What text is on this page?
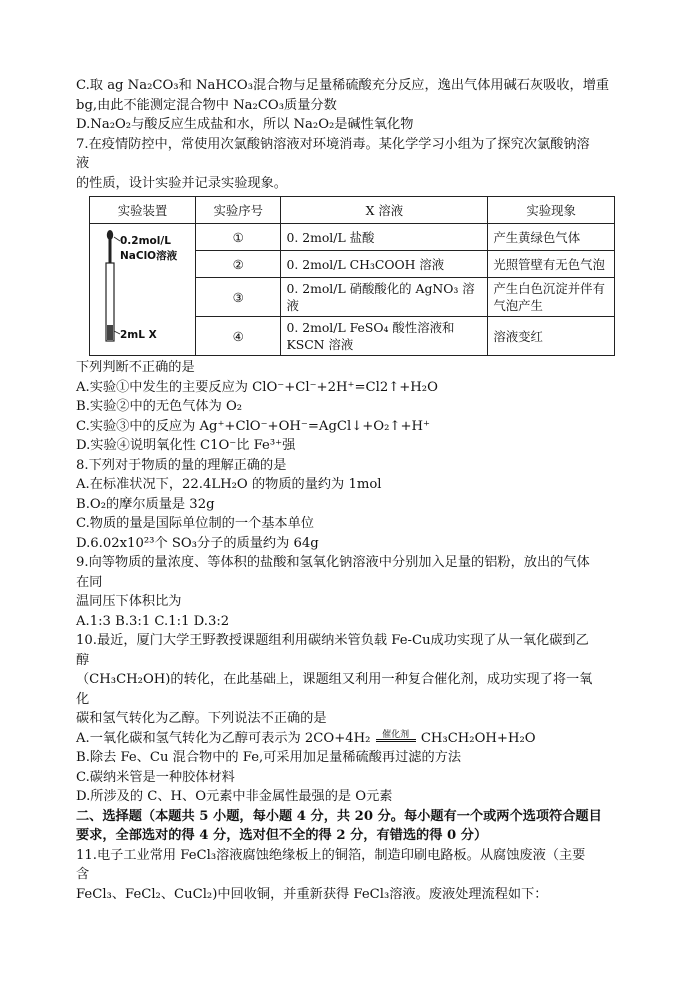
C.取 ag Na₂CO₃和 NaHCO₃混合物与足量稀硫酸充分反应，逸出气体用碱石灰吸收，增重
bg,由此不能测定混合物中 Na₂CO₃质量分数
D.Na₂O₂与酸反应生成盐和水，所以 Na₂O₂是碱性氧化物
7.在疫情防控中，常使用次氯酸钠溶液对环境消毒。某化学学习小组为了探究次氯酸钠溶
液
的性质，设计实验并记录实验现象。
实验装置	实验序号	X 溶液	实验现象

0.2mol/L
NaClO溶液
2mL X	①	0. 2mol/L 盐酸	产生黄绿色气体
	②	0. 2mol/L CH₃COOH 溶液	光照管壁有无色气泡
	③	0. 2mol/L 硝酸酸化的 AgNO₃ 溶液	产生白色沉淀并伴有气泡产生
	④	0. 2mol/L FeSO₄ 酸性溶液和 KSCN 溶液	溶液变红
下列判断不正确的是
A.实验①中发生的主要反应为 ClO⁻+Cl⁻+2H⁺=Cl2↑+H₂O
B.实验②中的无色气体为 O₂
C.实验③中的反应为 Ag⁺+ClO⁻+OH⁻=AgCl↓+O₂↑+H⁺
D.实验④说明氧化性 C1O⁻比 Fe³⁺强
8.下列对于物质的量的理解正确的是
A.在标准状况下，22.4LH₂O 的物质的量约为 1mol
B.O₂的摩尔质量是 32g
C.物质的量是国际单位制的一个基本单位
D.6.02x10²³个 SO₃分子的质量约为 64g
9.向等物质的量浓度、等体积的盐酸和氢氧化钠溶液中分别加入足量的铝粉，放出的气体
在同
温同压下体积比为
A.1:3 B.3:1 C.1:1 D.3:2
10.最近，厦门大学王野教授课题组利用碳纳米管负载 Fe-Cu成功实现了从一氧化碳到乙
醇
（CH₃CH₂OH)的转化，在此基础上，课题组又利用一种复合催化剂，成功实现了将一氧
化
碳和氢气转化为乙醇。下列说法不正确的是
A.一氧化碳和氢气转化为乙醇可表示为 2CO+4H₂	催化剂 CH₃CH₂OH+H₂O
B.除去 Fe、Cu 混合物中的 Fe,可采用加足量稀硫酸再过滤的方法
C.碳纳米管是一种胶体材料
D.所涉及的 C、H、O元素中非金属性最强的是 O元素
二、选择题（本题共 5 小题，每小题 4 分，共 20 分。每小题有一个或两个选项符合题目
要求，全部选对的得 4 分，选对但不全的得 2 分，有错选的得 0 分）
11.电子工业常用 FeCl₃溶液腐蚀绝缘板上的铜箔，制造印刷电路板。从腐蚀废液（主要
含
FeCl₃、FeCl₂、CuCl₂)中回收铜，并重新获得 FeCl₃溶液。废液处理流程如下：
